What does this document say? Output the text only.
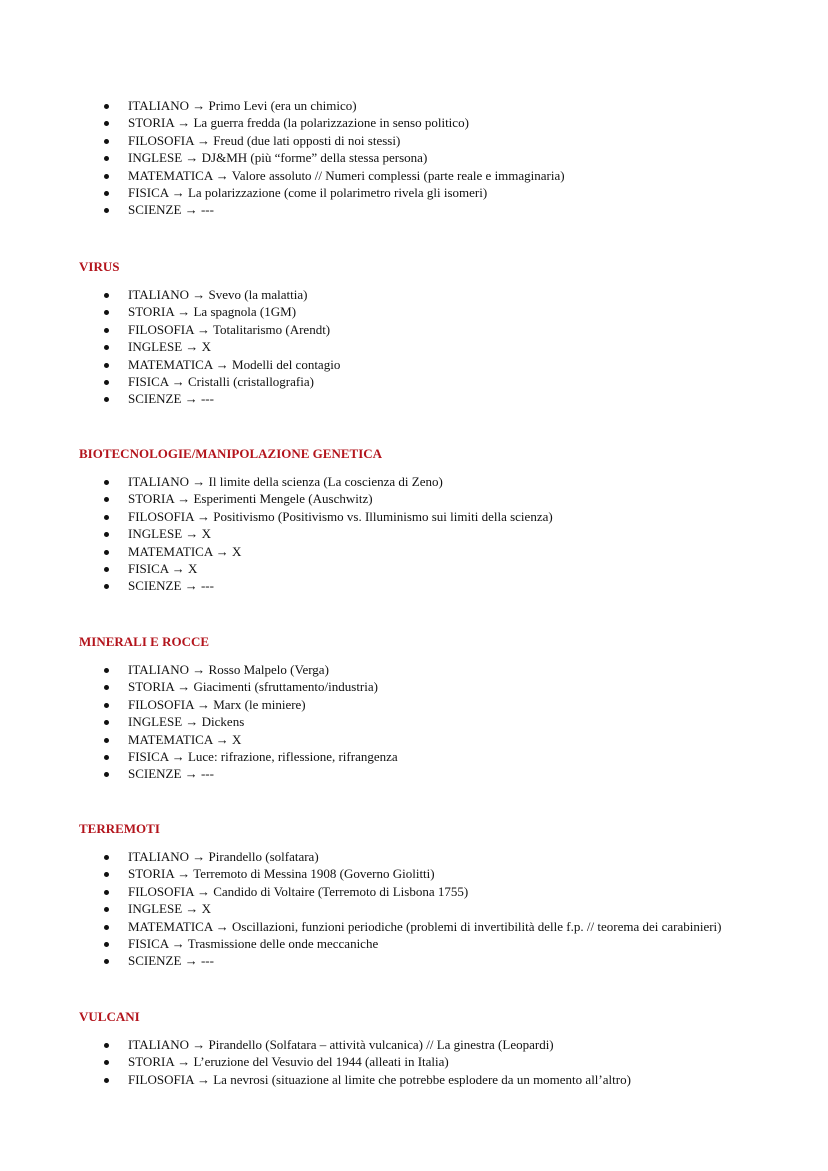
ITALIANO → Primo Levi (era un chimico)
STORIA → La guerra fredda (la polarizzazione in senso politico)
FILOSOFIA → Freud (due lati opposti di noi stessi)
INGLESE → DJ&MH (più “forme” della stessa persona)
MATEMATICA → Valore assoluto // Numeri complessi (parte reale e immaginaria)
FISICA → La polarizzazione (come il polarimetro rivela gli isomeri)
SCIENZE → ---
VIRUS
ITALIANO → Svevo (la malattia)
STORIA → La spagnola (1GM)
FILOSOFIA → Totalitarismo (Arendt)
INGLESE → X
MATEMATICA → Modelli del contagio
FISICA → Cristalli (cristallografia)
SCIENZE → ---
BIOTECNOLOGIE/MANIPOLAZIONE GENETICA
ITALIANO → Il limite della scienza (La coscienza di Zeno)
STORIA → Esperimenti Mengele (Auschwitz)
FILOSOFIA → Positivismo (Positivismo vs. Illuminismo sui limiti della scienza)
INGLESE → X
MATEMATICA → X
FISICA → X
SCIENZE → ---
MINERALI E ROCCE
ITALIANO → Rosso Malpelo (Verga)
STORIA → Giacimenti (sfruttamento/industria)
FILOSOFIA → Marx (le miniere)
INGLESE → Dickens
MATEMATICA → X
FISICA → Luce: rifrazione, riflessione, rifrangenza
SCIENZE → ---
TERREMOTI
ITALIANO → Pirandello (solfatara)
STORIA → Terremoto di Messina 1908 (Governo Giolitti)
FILOSOFIA → Candido di Voltaire (Terremoto di Lisbona 1755)
INGLESE → X
MATEMATICA → Oscillazioni, funzioni periodiche (problemi di invertibilità delle f.p. // teorema dei carabinieri)
FISICA → Trasmissione delle onde meccaniche
SCIENZE → ---
VULCANI
ITALIANO → Pirandello (Solfatara – attività vulcanica) // La ginestra (Leopardi)
STORIA → L’eruzione del Vesuvio del 1944 (alleati in Italia)
FILOSOFIA → La nevrosi (situazione al limite che potrebbe esplodere da un momento all’altro)
